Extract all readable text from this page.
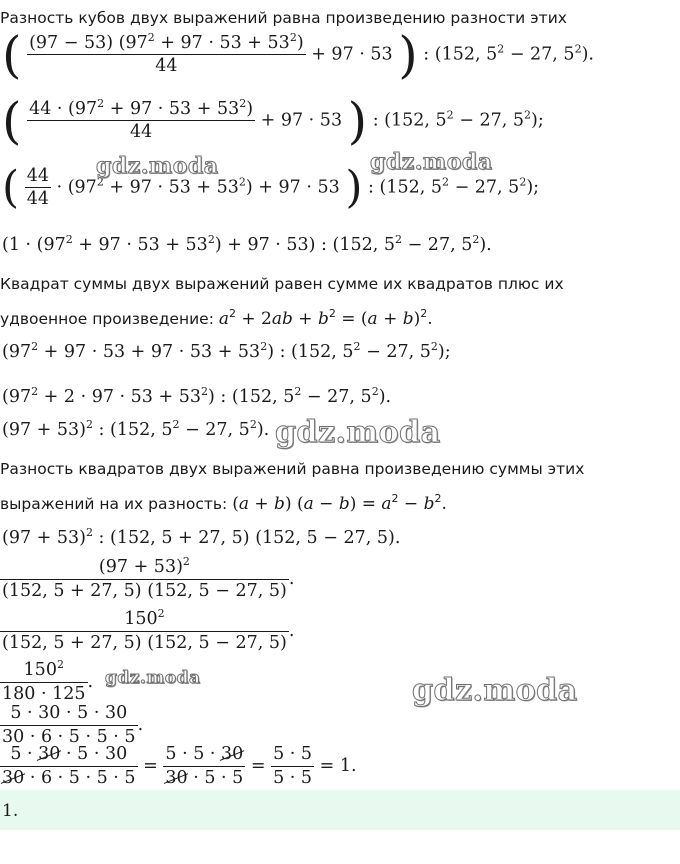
Разность кубов двух выражений равна произведению разности этих
( $\frac{(97 - 53) (97^2 + 97 \cdot 53 + 53^2)}{44} + 97 \cdot 53$ ) : (152, $5^2 - 27$, $5^2$).
( $\frac{44 \cdot (97^2 + 97 \cdot 53 + 53^2)}{44} + 97 \cdot 53$ ) : (152, $5^2 - 27$, $5^2$);
( $\frac{44}{44} \cdot (97^2 + 97 \cdot 53 + 53^2) + 97 \cdot 53$ ) : (152, $5^2 - 27$, $5^2$);
$(1 \cdot (97^2 + 97 \cdot 53 + 53^2) + 97 \cdot 53)$ : (152, $5^2 - 27$, $5^2$).
Квадрат суммы двух выражений равен сумме их квадратов плюс их
удвоенное произведение: $a^2 + 2ab + b^2 = (a + b)^2$.
$(97^2 + 97 \cdot 53 + 97 \cdot 53 + 53^2)$ : (152, $5^2 - 27$, $5^2$);
$(97^2 + 2 \cdot 97 \cdot 53 + 53^2)$ : (152, $5^2 - 27$, $5^2$).
$(97 + 53)^2$ : (152, $5^2 - 27$, $5^2$).
Разность квадратов двух выражений равна произведению суммы этих
выражений на их разность: (a + b) $(a - b) = a^2 - b^2$.
$(97 + 53)^2$ : (152, 5 + 27, 5) (152, 5 − 27, 5).
$\frac{(97 + 53)^2}{(152, 5 + 27, 5) (152, 5 - 27, 5)}$ .
$\frac{150^2}{(152, 5 + 27, 5) (152, 5 - 27, 5)}$ .
$\frac{150^2}{180 \cdot 125}$ .
$\frac{5 \cdot 30 \cdot 5 \cdot 30}{30 \cdot 6 \cdot 5 \cdot 5 \cdot 5}$ .
$\frac{5 \cdot 30 \cdot 5 \cdot 30}{30 \cdot 6 \cdot 5 \cdot 5 \cdot 5} = \frac{5 \cdot 5 \cdot 30}{30 \cdot 5 \cdot 5} = \frac{5 \cdot 5}{5 \cdot 5} = 1$.
1.
gdz.moda	gdz.moda
gdz.moda
gdz.moda	gdz.moda
